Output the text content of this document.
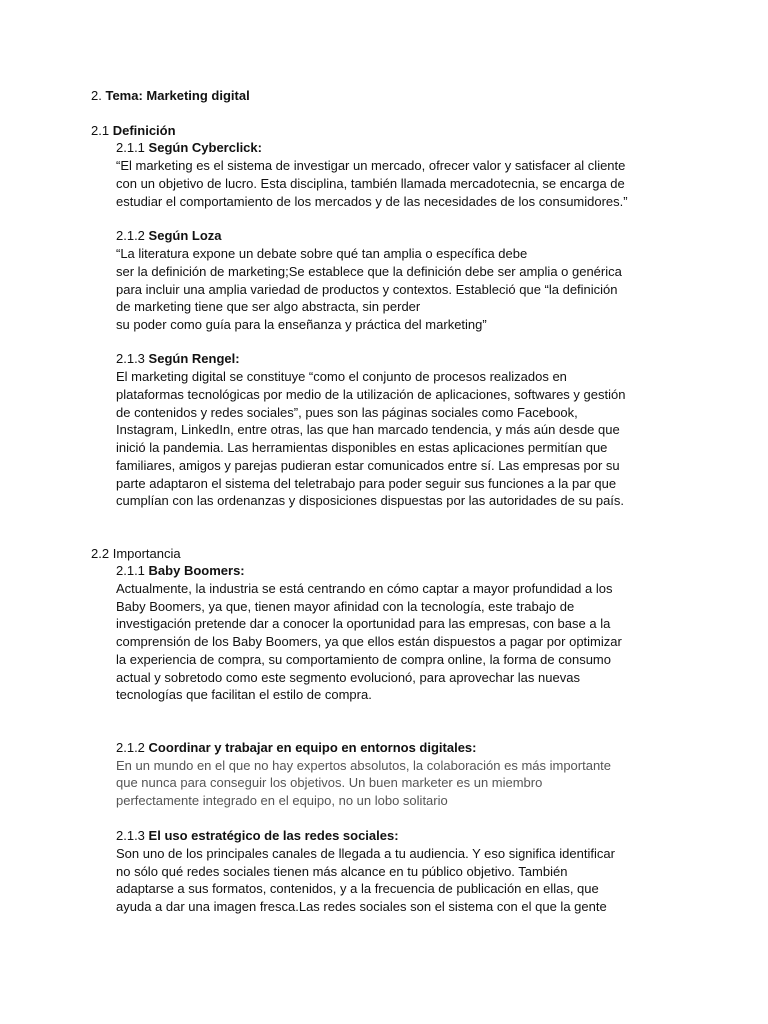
2. Tema: Marketing digital
2.1 Definición
2.1.1 Según Cyberclick:
“El marketing es el sistema de investigar un mercado, ofrecer valor y satisfacer al cliente
con un objetivo de lucro. Esta disciplina, también llamada mercadotecnia, se encarga de
estudiar el comportamiento de los mercados y de las necesidades de los consumidores.”
2.1.2 Según Loza
“La literatura expone un debate sobre qué tan amplia o específica debe
ser la definición de marketing;Se establece que la definición debe ser amplia o genérica
para incluir una amplia variedad de productos y contextos. Estableció que “la definición
de marketing tiene que ser algo abstracta, sin perder
su poder como guía para la enseñanza y práctica del marketing”
2.1.3 Según Rengel:
El marketing digital se constituye “como el conjunto de procesos realizados en
plataformas tecnológicas por medio de la utilización de aplicaciones, softwares y gestión
de contenidos y redes sociales”, pues son las páginas sociales como Facebook,
Instagram, LinkedIn, entre otras, las que han marcado tendencia, y más aún desde que
inició la pandemia. Las herramientas disponibles en estas aplicaciones permitían que
familiares, amigos y parejas pudieran estar comunicados entre sí. Las empresas por su
parte adaptaron el sistema del teletrabajo para poder seguir sus funciones a la par que
cumplían con las ordenanzas y disposiciones dispuestas por las autoridades de su país.
2.2 Importancia
2.1.1 Baby Boomers:
Actualmente, la industria se está centrando en cómo captar a mayor profundidad a los
Baby Boomers, ya que, tienen mayor afinidad con la tecnología, este trabajo de
investigación pretende dar a conocer la oportunidad para las empresas, con base a la
comprensión de los Baby Boomers, ya que ellos están dispuestos a pagar por optimizar
la experiencia de compra, su comportamiento de compra online, la forma de consumo
actual y sobretodo como este segmento evolucionó, para aprovechar las nuevas
tecnologías que facilitan el estilo de compra.
2.1.2 Coordinar y trabajar en equipo en entornos digitales:
En un mundo en el que no hay expertos absolutos, la colaboración es más importante
que nunca para conseguir los objetivos. Un buen marketer es un miembro
perfectamente integrado en el equipo, no un lobo solitario
2.1.3 El uso estratégico de las redes sociales:
Son uno de los principales canales de llegada a tu audiencia. Y eso significa identificar
no sólo qué redes sociales tienen más alcance en tu público objetivo. También
adaptarse a sus formatos, contenidos, y a la frecuencia de publicación en ellas, que
ayuda a dar una imagen fresca.Las redes sociales son el sistema con el que la gente
